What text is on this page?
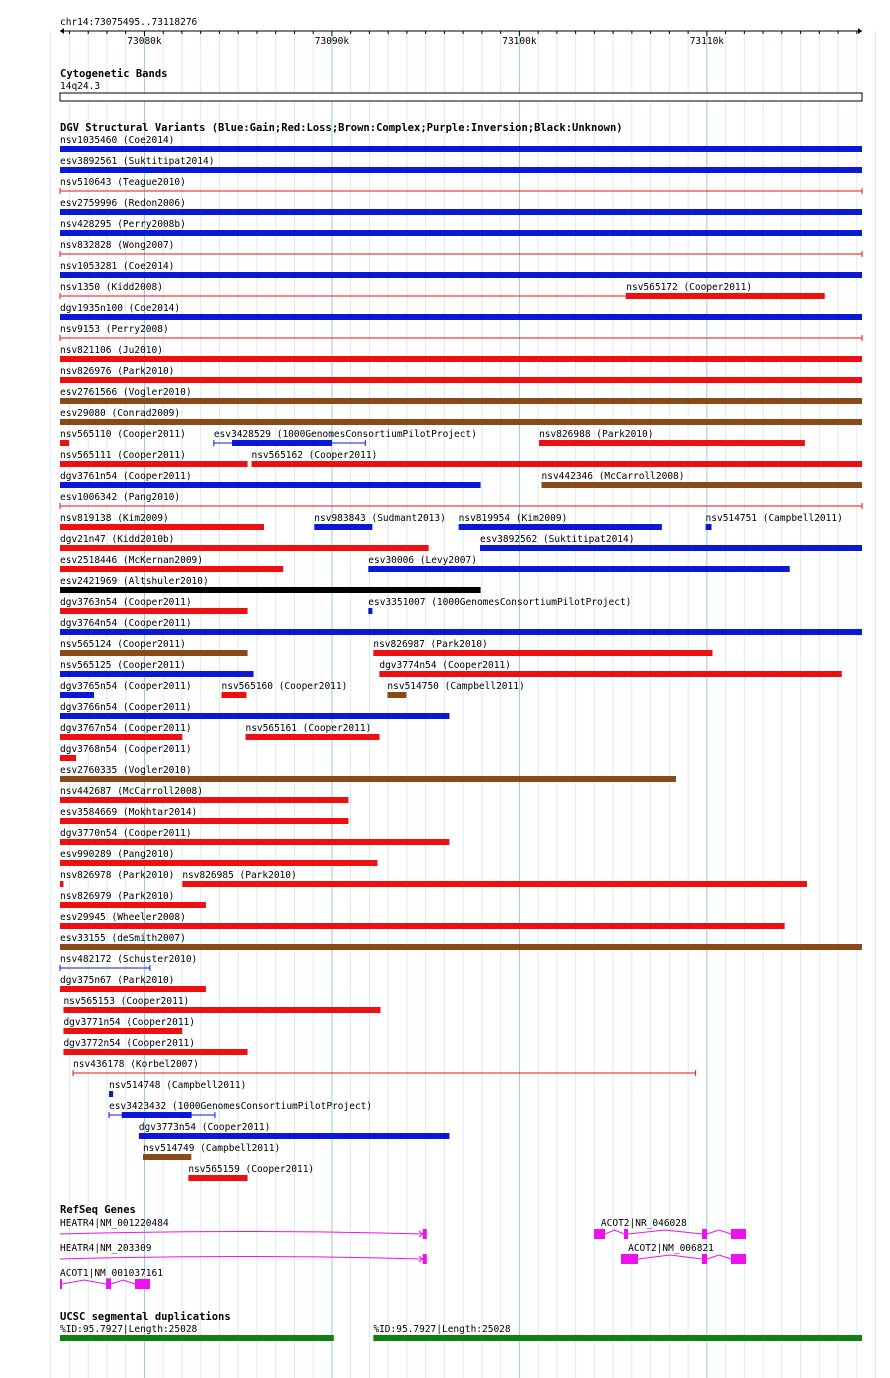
chr14:73075495..73118276
73080k	73090k	73100k	73110k
Cytogenetic Bands
14q24.3
DGV Structural Variants (Blue:Gain;Red:Loss;Brown:Complex;Purple:Inversion;Black:Unknown)
nsv1035460 (Coe2014)
esv3892561 (Suktitipat2014)
nsv510643 (Teague2010)
esv2759996 (Redon2006)
nsv428295 (Perry2008b)
nsv832828 (Wong2007)
nsv1053281 (Coe2014)
nsv1350 (Kidd2008)	nsv565172 (Cooper2011)
dgv1935n100 (Coe2014)
nsv9153 (Perry2008)
nsv821106 (Ju2010)
nsv826976 (Park2010)
esv2761566 (Vogler2010)
esv29080 (Conrad2009)
nsv565110 (Cooper2011)	esv3428529 (1000GenomesConsortiumPilotProject)	nsv826988 (Park2010)
nsv565111 (Cooper2011)	nsv565162 (Cooper2011)
dgv3761n54 (Cooper2011)	nsv442346 (McCarroll2008)
esv1006342 (Pang2010)
nsv819138 (Kim2009)	nsv983843 (Sudmant2013) nsv819954 (Kim2009)	nsv514751 (Campbell2011)
dgv21n47 (Kidd2010b)	esv3892562 (Suktitipat2014)
esv2518446 (McKernan2009)	esv30006 (Levy2007)
esv2421969 (Altshuler2010)
dgv3763n54 (Cooper2011)	esv3351007 (1000GenomesConsortiumPilotProject)
dgv3764n54 (Cooper2011)
nsv565124 (Cooper2011)	nsv826987 (Park2010)
nsv565125 (Cooper2011)	dgv3774n54 (Cooper2011)
dgv3765n54 (Cooper2011)	nsv565160 (Cooper2011)	nsv514750 (Campbell2011)
dgv3766n54 (Cooper2011)
dgv3767n54 (Cooper2011)	nsv565161 (Cooper2011)
dgv3768n54 (Cooper2011)
esv2760335 (Vogler2010)
nsv442687 (McCarroll2008)
esv3584669 (Mokhtar2014)
dgv3770n54 (Cooper2011)
esv990289 (Pang2010)
nsv826978 (Park2010) nsv826985 (Park2010)
nsv826979 (Park2010)
esv29945 (Wheeler2008)
esv33155 (deSmith2007)
nsv482172 (Schuster2010)
dgv375n67 (Park2010)
nsv565153 (Cooper2011)
dgv3771n54 (Cooper2011)
dgv3772n54 (Cooper2011)
nsv436178 (Korbel2007)
nsv514748 (Campbell2011)
esv3423432 (1000GenomesConsortiumPilotProject)
dgv3773n54 (Cooper2011)
nsv514749 (Campbell2011)
nsv565159 (Cooper2011)
RefSeq Genes
HEATR4|NM_001220484	ACOT2|NR_046028
HEATR4|NM_203309	ACOT2|NM_006821
ACOT1|NM_001037161
UCSC segmental duplications
%ID:95.7927|Length:25028	%ID:95.7927|Length:25028
